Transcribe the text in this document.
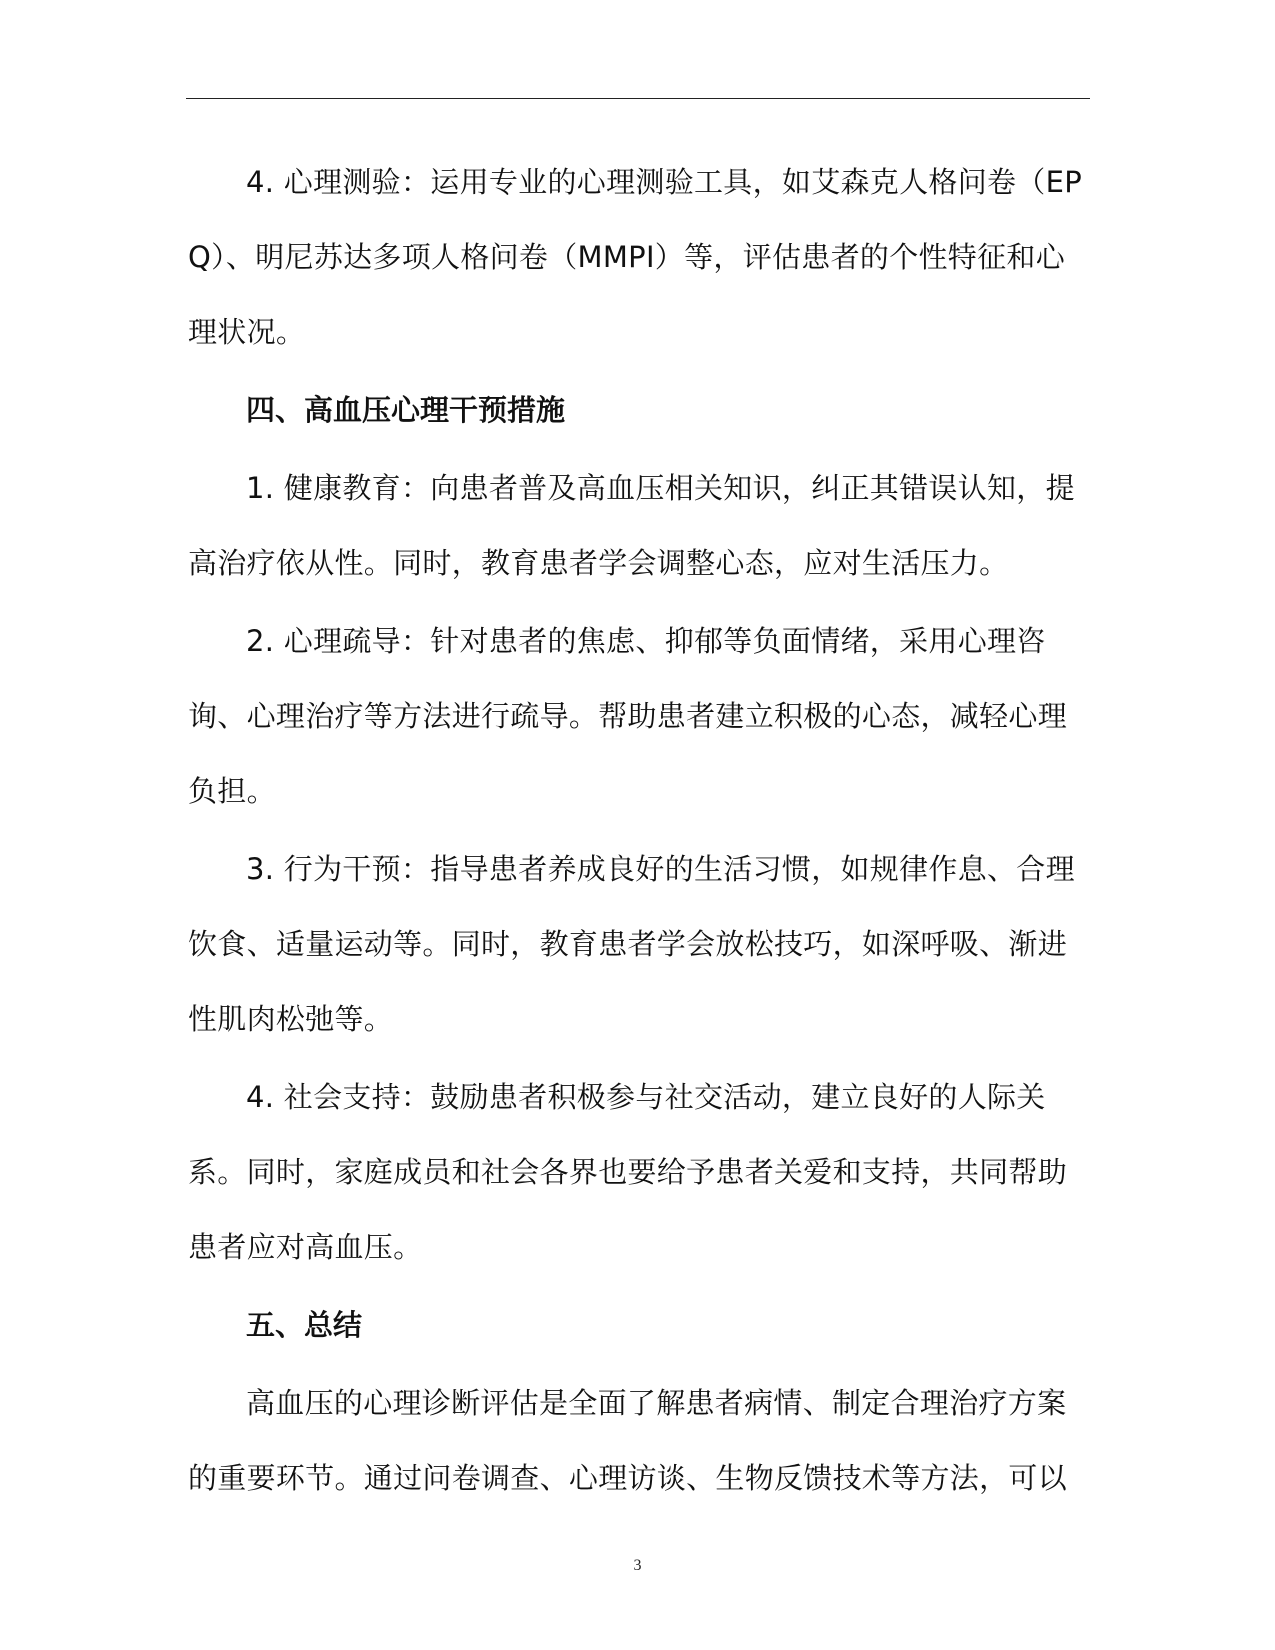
4. 心理测验：运用专业的心理测验工具，如艾森克人格问卷（EPQ）、明尼苏达多项人格问卷（MMPI）等，评估患者的个性特征和心理状况。

四、高血压心理干预措施

1. 健康教育：向患者普及高血压相关知识，纠正其错误认知，提高治疗依从性。同时，教育患者学会调整心态，应对生活压力。

2. 心理疏导：针对患者的焦虑、抑郁等负面情绪，采用心理咨询、心理治疗等方法进行疏导。帮助患者建立积极的心态，减轻心理负担。

3. 行为干预：指导患者养成良好的生活习惯，如规律作息、合理饮食、适量运动等。同时，教育患者学会放松技巧，如深呼吸、渐进性肌肉松弛等。

4. 社会支持：鼓励患者积极参与社交活动，建立良好的人际关系。同时，家庭成员和社会各界也要给予患者关爱和支持，共同帮助患者应对高血压。

五、总结

高血压的心理诊断评估是全面了解患者病情、制定合理治疗方案的重要环节。通过问卷调查、心理访谈、生物反馈技术等方法，可以

3
